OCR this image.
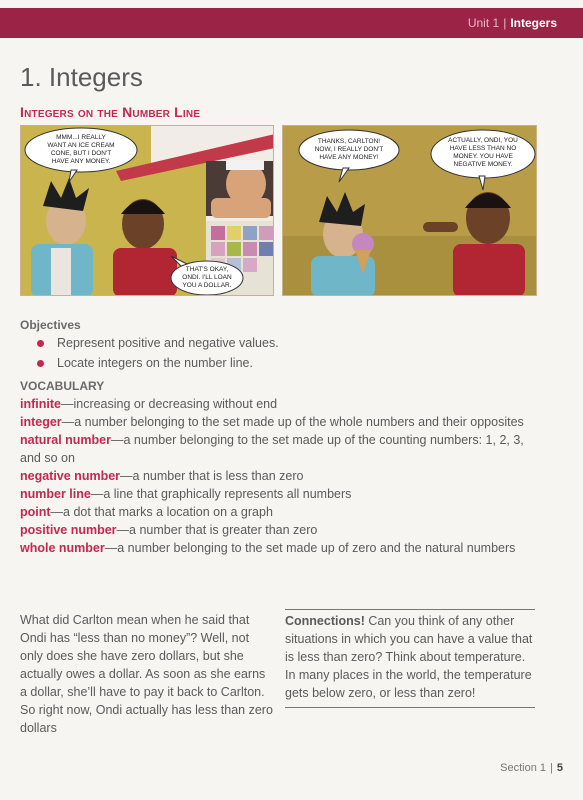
Unit 1 | Integers
1. Integers
Integers on the Number Line
MMM...I REALLY
WANT AN ICE CREAM
CONE, BUT I DON'T
HAVE ANY MONEY.
THAT'S OKAY,
ONDI. I'LL LOAN
YOU A DOLLAR.
THANKS, CARLTON!
NOW, I REALLY DON'T
HAVE ANY MONEY!
ACTUALLY, ONDI, YOU
HAVE LESS THAN NO
MONEY. YOU HAVE
NEGATIVE MONEY.
Objectives
Represent positive and negative values.
Locate integers on the number line.
VOCABULARY
infinite—increasing or decreasing without end
integer—a number belonging to the set made up of the whole numbers and their opposites
natural number—a number belonging to the set made up of the counting numbers: 1, 2, 3, and so on
negative number—a number that is less than zero
number line—a line that graphically represents all numbers
point—a dot that marks a location on a graph
positive number—a number that is greater than zero
whole number—a number belonging to the set made up of zero and the natural numbers

What did Carlton mean when he said that Ondi has “less than no money”? Well, not only does she have zero dollars, but she actually owes a dollar. As soon as she earns a dollar, she’ll have to pay it back to Carlton. So right now, Ondi actually has less than zero dollars

Connections! Can you think of any other situations in which you can have a value that is less than zero? Think about temperature. In many places in the world, the temperature gets below zero, or less than zero!
Section 1 | 5
